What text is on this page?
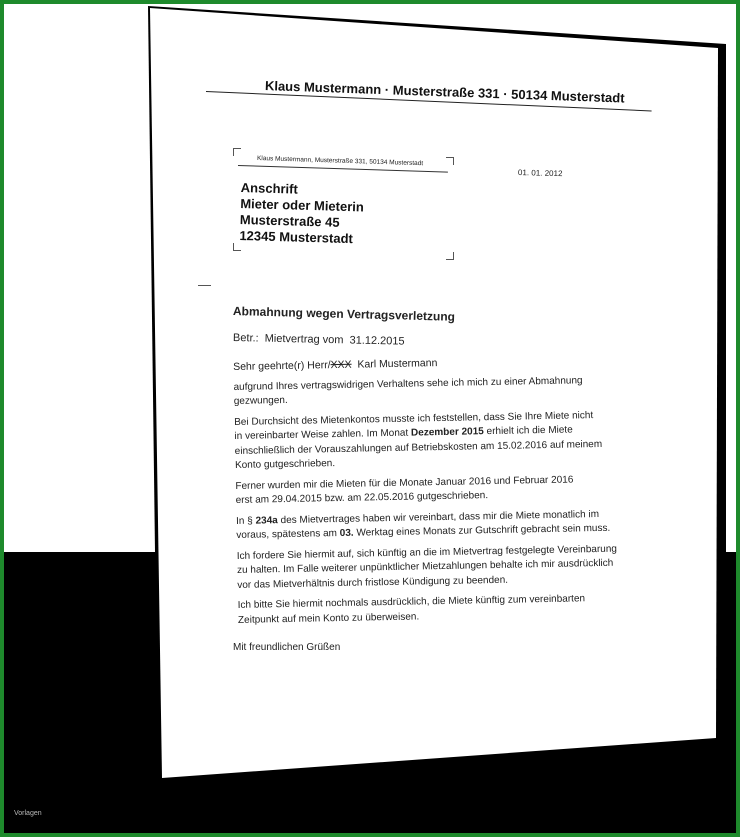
Vorlagen
Klaus Mustermann · Musterstraße 331 · 50134 Musterstadt
Klaus Mustermann, Musterstraße 331, 50134 Musterstadt
01. 01. 2012
Anschrift
Mieter oder Mieterin
Musterstraße 45
12345 Musterstadt
Abmahnung wegen Vertragsverletzung
Betr.: Mietvertrag vom 31.12.2015
Sehr geehrte(r) Herr/XXX Karl Mustermann
aufgrund Ihres vertragswidrigen Verhaltens sehe ich mich zu einer Abmahnung
gezwungen.
Bei Durchsicht des Mietenkontos musste ich feststellen, dass Sie Ihre Miete nicht
in vereinbarter Weise zahlen. Im Monat Dezember 2015 erhielt ich die Miete
einschließlich der Vorauszahlungen auf Betriebskosten am 15.02.2016 auf meinem
Konto gutgeschrieben.
Ferner wurden mir die Mieten für die Monate Januar 2016 und Februar 2016
erst am 29.04.2015 bzw. am 22.05.2016 gutgeschrieben.
In § 234a des Mietvertrages haben wir vereinbart, dass mir die Miete monatlich im
voraus, spätestens am 03. Werktag eines Monats zur Gutschrift gebracht sein muss.
Ich fordere Sie hiermit auf, sich künftig an die im Mietvertrag festgelegte Vereinbarung
zu halten. Im Falle weiterer unpünktlicher Mietzahlungen behalte ich mir ausdrücklich
vor das Mietverhältnis durch fristlose Kündigung zu beenden.
Ich bitte Sie hiermit nochmals ausdrücklich, die Miete künftig zum vereinbarten
Zeitpunkt auf mein Konto zu überweisen.
Mit freundlichen Grüßen
